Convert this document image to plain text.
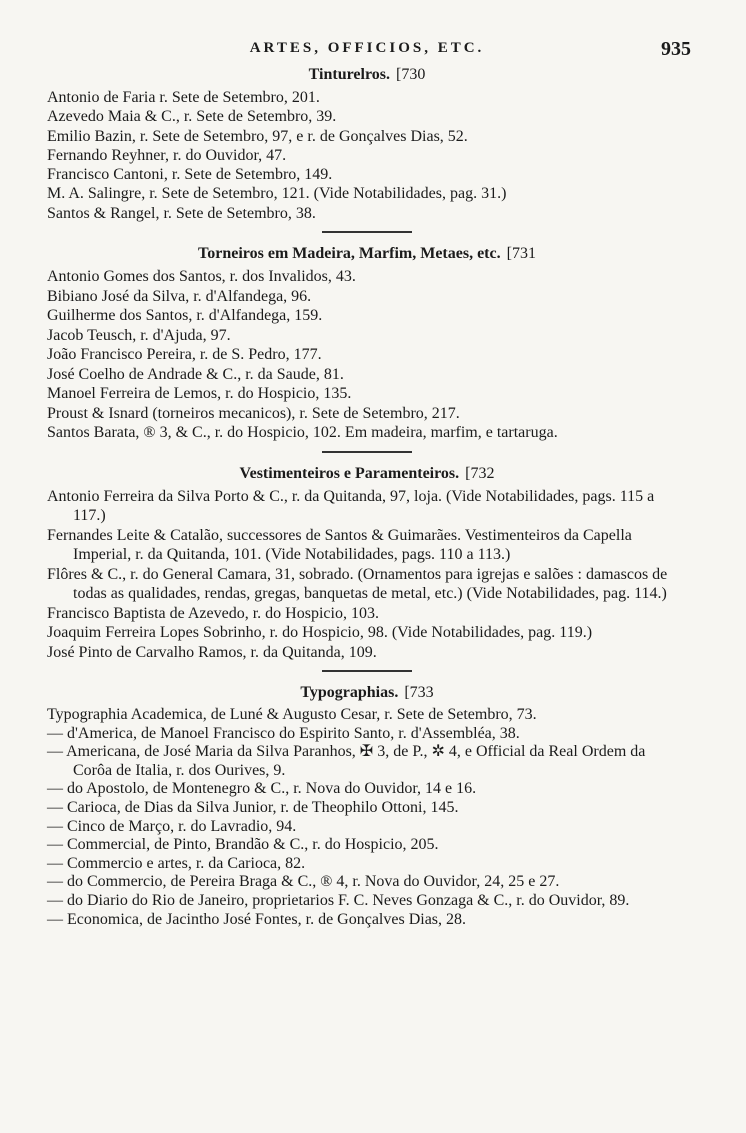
ARTES, OFFICIOS, ETC.	935

Tinturelros. [730

Antonio de Faria r. Sete de Setembro, 201.

Azevedo Maia & C., r. Sete de Setembro, 39.

Emilio Bazin, r. Sete de Setembro, 97, e r. de Gonçalves Dias, 52.

Fernando Reyhner, r. do Ouvidor, 47.

Francisco Cantoni, r. Sete de Setembro, 149.

M. A. Salingre, r. Sete de Setembro, 121. (Vide Notabilidades, pag. 31.)

Santos & Rangel, r. Sete de Setembro, 38.

Torneiros em Madeira, Marfim, Metaes, etc. [731

Antonio Gomes dos Santos, r. dos Invalidos, 43.

Bibiano José da Silva, r. d'Alfandega, 96.

Guilherme dos Santos, r. d'Alfandega, 159.

Jacob Teusch, r. d'Ajuda, 97.

João Francisco Pereira, r. de S. Pedro, 177.

José Coelho de Andrade & C., r. da Saude, 81.

Manoel Ferreira de Lemos, r. do Hospicio, 135.

Proust & Isnard (torneiros mecanicos), r. Sete de Setembro, 217.

Santos Barata, ® 3, & C., r. do Hospicio, 102. Em madeira, marfim, e tartaruga.

Vestimenteiros e Paramenteiros. [732

Antonio Ferreira da Silva Porto & C., r. da Quitanda, 97, loja. (Vide Notabilidades, pags. 115 a 117.)

Fernandes Leite & Catalão, successores de Santos & Guimarães. Vestimenteiros da Capella Imperial, r. da Quitanda, 101. (Vide Notabilidades, pags. 110 a 113.)

Flôres & C., r. do General Camara, 31, sobrado. (Ornamentos para igrejas e salões : damascos de todas as qualidades, rendas, gregas, banquetas de metal, etc.) (Vide Notabilidades, pag. 114.)

Francisco Baptista de Azevedo, r. do Hospicio, 103.

Joaquim Ferreira Lopes Sobrinho, r. do Hospicio, 98. (Vide Notabilidades, pag. 119.)

José Pinto de Carvalho Ramos, r. da Quitanda, 109.

Typographias. [733

Typographia Academica, de Luné & Augusto Cesar, r. Sete de Setembro, 73.

— d'America, de Manoel Francisco do Espirito Santo, r. d'Assembléa, 38.

— Americana, de José Maria da Silva Paranhos, ✠ 3, de P., ✲ 4, e Official da Real Ordem da Corôa de Italia, r. dos Ourives, 9.

— do Apostolo, de Montenegro & C., r. Nova do Ouvidor, 14 e 16.

— Carioca, de Dias da Silva Junior, r. de Theophilo Ottoni, 145.

— Cinco de Março, r. do Lavradio, 94.

— Commercial, de Pinto, Brandão & C., r. do Hospicio, 205.

— Commercio e artes, r. da Carioca, 82.

— do Commercio, de Pereira Braga & C., ® 4, r. Nova do Ouvidor, 24, 25 e 27.

— do Diario do Rio de Janeiro, proprietarios F. C. Neves Gonzaga & C., r. do Ouvidor, 89.

— Economica, de Jacintho José Fontes, r. de Gonçalves Dias, 28.
